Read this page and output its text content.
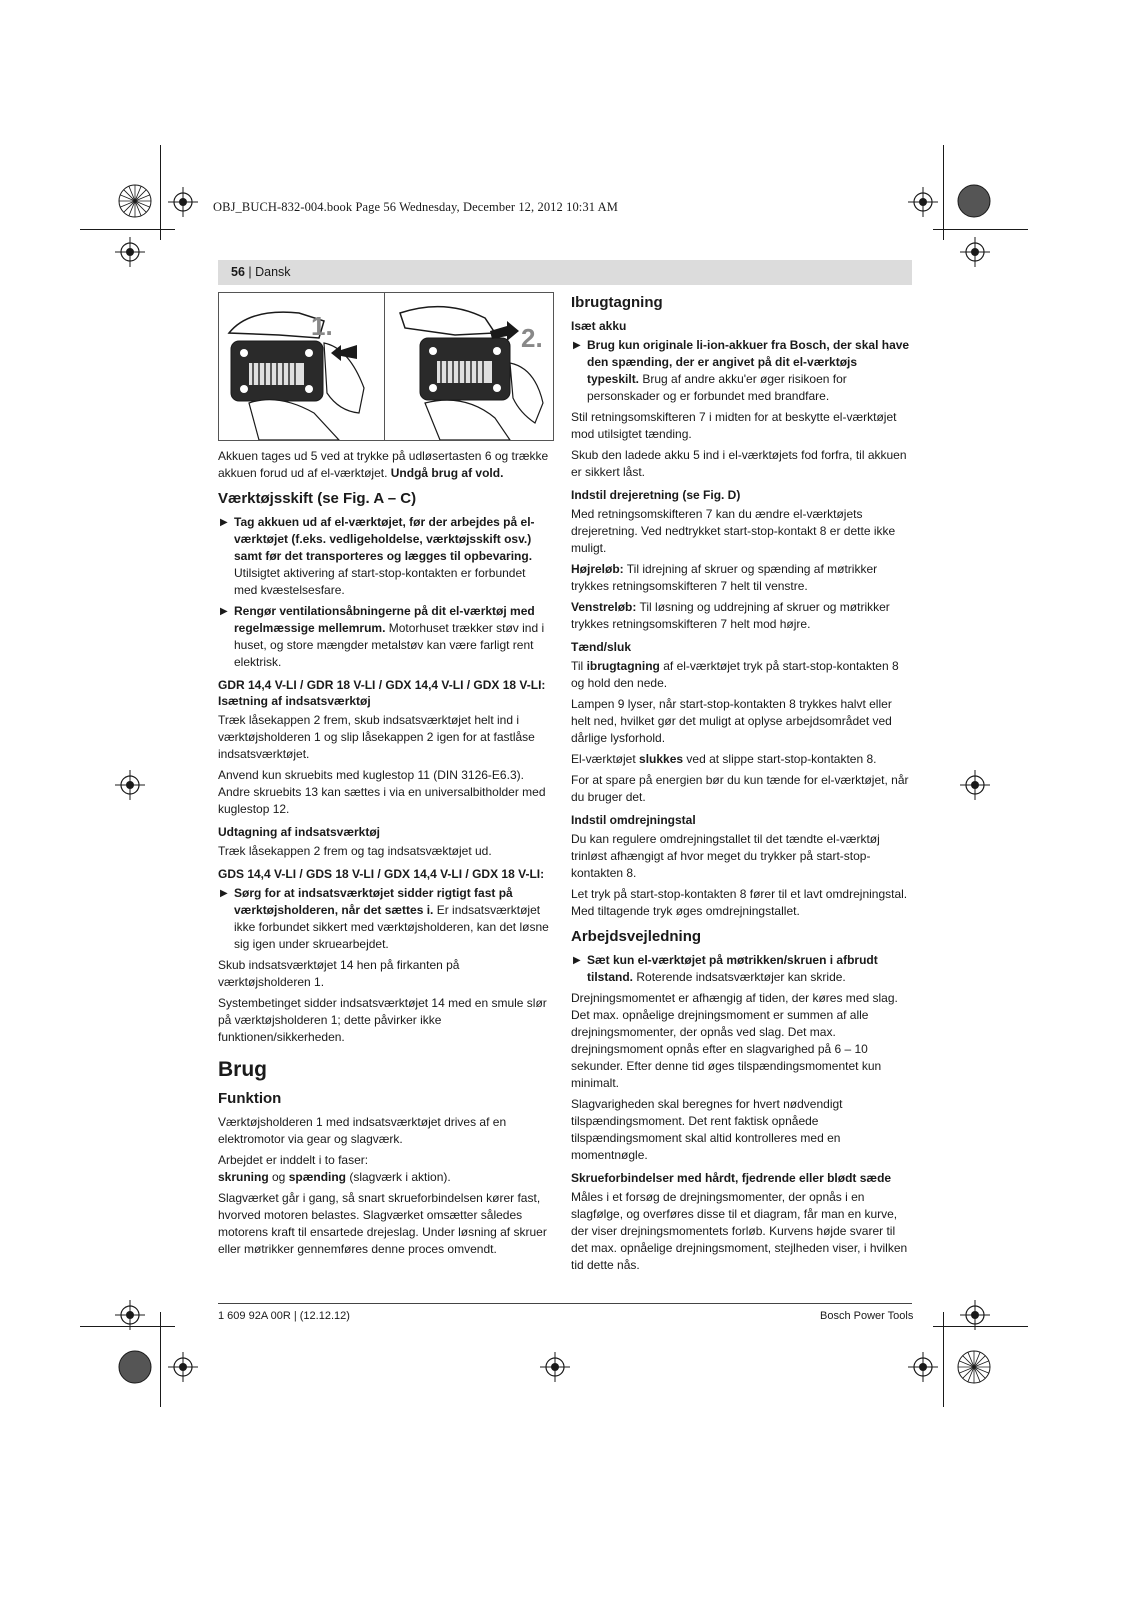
OBJ_BUCH-832-004.book Page 56 Wednesday, December 12, 2012 10:31 AM
56 | Dansk
1.	2.

Akkuen tages ud 5 ved at trykke på udløsertasten 6 og trække akkuen forud ud af el-værktøjet. Undgå brug af vold.

Værktøjsskift (se Fig. A – C)
▶ Tag akkuen ud af el-værktøjet, før der arbejdes på el-værktøjet (f.eks. vedligeholdelse, værktøjsskift osv.) samt før det transporteres og lægges til opbevaring. Utilsigtet aktivering af start-stop-kontakten er forbundet med kvæstelsesfare.
▶ Rengør ventilationsåbningerne på dit el-værktøj med regelmæssige mellemrum. Motorhuset trækker støv ind i huset, og store mængder metalstøv kan være farligt rent elektrisk.
GDR 14,4 V-LI / GDR 18 V-LI / GDX 14,4 V-LI / GDX 18 V-LI: Isætning af indsatsværktøj

Træk låsekappen 2 frem, skub indsatsværktøjet helt ind i værktøjsholderen 1 og slip låsekappen 2 igen for at fastlåse indsatsværktøjet.

Anvend kun skruebits med kuglestop 11 (DIN 3126-E6.3). Andre skruebits 13 kan sættes i via en universalbitholder med kuglestop 12.

Udtagning af indsatsværktøj

Træk låsekappen 2 frem og tag indsatsvæktøjet ud.

GDS 14,4 V-LI / GDS 18 V-LI / GDX 14,4 V-LI / GDX 18 V-LI:
▶ Sørg for at indsatsværktøjet sidder rigtigt fast på værktøjsholderen, når det sættes i. Er indsatsværktøjet ikke forbundet sikkert med værktøjsholderen, kan det løsne sig igen under skruearbejdet.

Skub indsatsværktøjet 14 hen på firkanten på værktøjsholderen 1.

Systembetinget sidder indsatsværktøjet 14 med en smule slør på værktøjsholderen 1; dette påvirker ikke funktionen/sikkerheden.

Brug
Funktion

Værktøjsholderen 1 med indsatsværktøjet drives af en elektromotor via gear og slagværk.

Arbejdet er inddelt i to faser:

skruning og spænding (slagværk i aktion).

Slagværket går i gang, så snart skrueforbindelsen kører fast, hvorved motoren belastes. Slagværket omsætter således motorens kraft til ensartede drejeslag. Under løsning af skruer eller møtrikker gennemføres denne proces omvendt.

Ibrugtagning
Isæt akku
▶ Brug kun originale li-ion-akkuer fra Bosch, der skal have den spænding, der er angivet på dit el-værktøjs typeskilt. Brug af andre akku'er øger risikoen for personskader og er forbundet med brandfare.

Stil retningsomskifteren 7 i midten for at beskytte el-værktøjet mod utilsigtet tænding.

Skub den ladede akku 5 ind i el-værktøjets fod forfra, til akkuen er sikkert låst.

Indstil drejeretning (se Fig. D)

Med retningsomskifteren 7 kan du ændre el-værktøjets drejeretning. Ved nedtrykket start-stop-kontakt 8 er dette ikke muligt.

Højreløb: Til idrejning af skruer og spænding af møtrikker trykkes retningsomskifteren 7 helt til venstre.

Venstreløb: Til løsning og uddrejning af skruer og møtrikker trykkes retningsomskifteren 7 helt mod højre.

Tænd/sluk

Til ibrugtagning af el-værktøjet tryk på start-stop-kontakten 8 og hold den nede.

Lampen 9 lyser, når start-stop-kontakten 8 trykkes halvt eller helt ned, hvilket gør det muligt at oplyse arbejdsområdet ved dårlige lysforhold.

El-værktøjet slukkes ved at slippe start-stop-kontakten 8.

For at spare på energien bør du kun tænde for el-værktøjet, når du bruger det.

Indstil omdrejningstal

Du kan regulere omdrejningstallet til det tændte el-værktøj trinløst afhængigt af hvor meget du trykker på start-stop-kontakten 8.

Let tryk på start-stop-kontakten 8 fører til et lavt omdrejningstal. Med tiltagende tryk øges omdrejningstallet.

Arbejdsvejledning
▶ Sæt kun el-værktøjet på møtrikken/skruen i afbrudt tilstand. Roterende indsatsværktøjer kan skride.

Drejningsmomentet er afhængig af tiden, der køres med slag. Det max. opnåelige drejningsmoment er summen af alle drejningsmomenter, der opnås ved slag. Det max. drejningsmoment opnås efter en slagvarighed på 6 – 10 sekunder. Efter denne tid øges tilspændingsmomentet kun minimalt.

Slagvarigheden skal beregnes for hvert nødvendigt tilspændingsmoment. Det rent faktisk opnåede tilspændingsmoment skal altid kontrolleres med en momentnøgle.

Skrueforbindelser med hårdt, fjedrende eller blødt sæde

Måles i et forsøg de drejningsmomenter, der opnås i en slagfølge, og overføres disse til et diagram, får man en kurve, der viser drejningsmomentets forløb. Kurvens højde svarer til det max. opnåelige drejningsmoment, stejlheden viser, i hvilken tid dette nås.

1 609 92A 00R | (12.12.12)	Bosch Power Tools
